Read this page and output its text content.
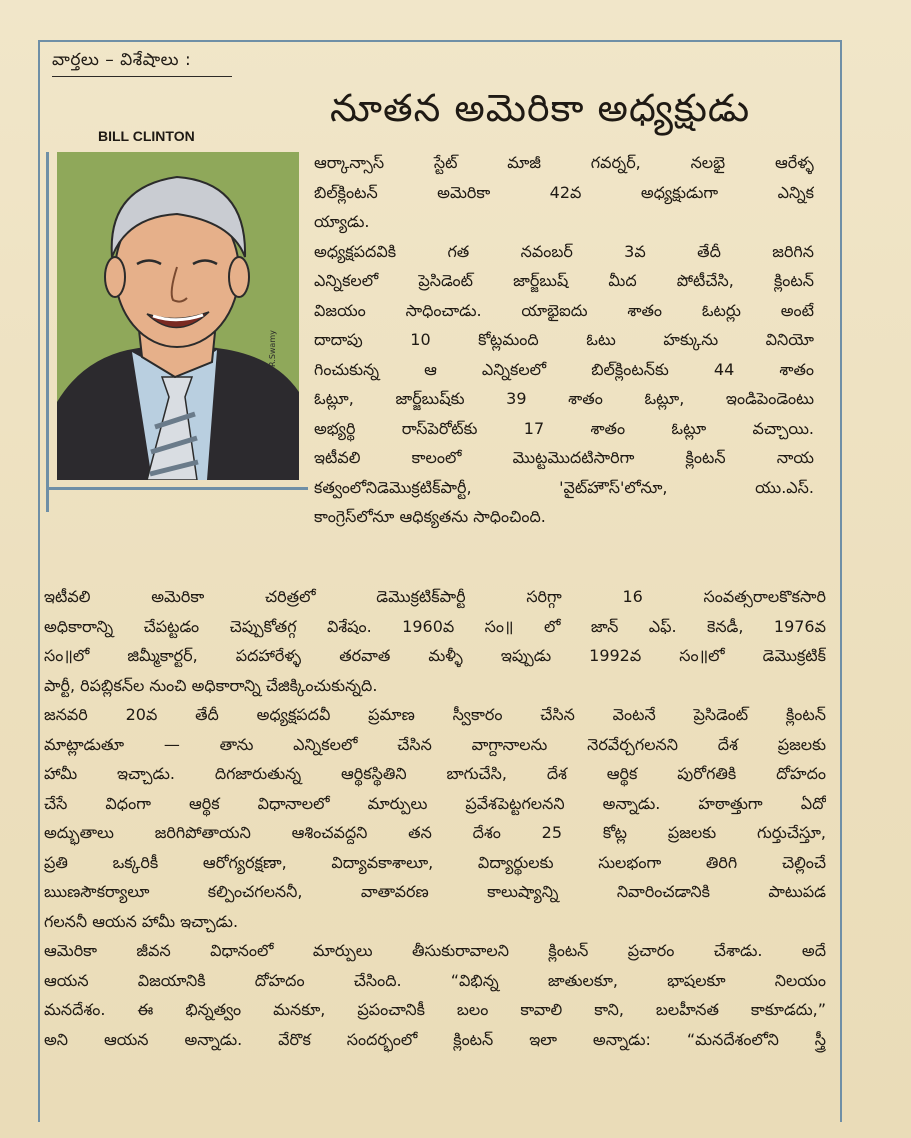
వార్తలు – విశేషాలు :
నూతన అమెరికా అధ్యక్షుడు
BILL CLINTON
R.Swamy

ఆర్కాన్సాస్ స్టేట్ మాజీ గవర్నర్, నలభై ఆరేళ్ళ

బిల్‌క్లింటన్ అమెరికా 42వ అధ్యక్షుడుగా ఎన్నిక

య్యాడు.

అధ్యక్షపదవికి గత నవంబర్ 3వ తేదీ జరిగిన

ఎన్నికలలో ప్రెసిడెంట్ జార్జ్‌బుష్ మీద పోటీచేసి, క్లింటన్

విజయం సాధించాడు. యాభైఐదు శాతం ఓటర్లు అంటే

దాదాపు 10 కోట్లమంది ఓటు హక్కును వినియో

గించుకున్న ఆ ఎన్నికలలో బిల్‌క్లింటన్‌కు 44 శాతం

ఓట్లూ, జార్జ్‌బుష్‌కు 39 శాతం ఓట్లూ, ఇండిపెండెంటు

అభ్యర్థి రాస్‌పెరోట్‌కు 17 శాతం ఓట్లూ వచ్చాయి.

ఇటీవలి కాలంలో మొట్టమొదటిసారిగా క్లింటన్ నాయ

కత్వంలోనిడెమొక్రటిక్‌పార్టీ, 'వైట్‌హౌస్'లోనూ, యు.ఎస్.

కాంగ్రెస్‌లోనూ ఆధిక్యతను సాధించింది.

ఇటీవలి అమెరికా చరిత్రలో డెమొక్రటిక్‌పార్టీ సరిగ్గా 16 సంవత్సరాలకొకసారి

అధికారాన్ని చేపట్టడం చెప్పుకోతగ్గ విశేషం. 1960వ సం॥ లో జాన్ ఎఫ్. కెనడీ, 1976వ

సం॥లో జిమ్మీకార్టర్, పదహారేళ్ళ తరవాత మళ్ళీ ఇప్పుడు 1992వ సం॥లో డెమొక్రటిక్

పార్టీ, రిపబ్లికన్‌ల నుంచి అధికారాన్ని చేజిక్కించుకున్నది.

జనవరి 20వ తేదీ అధ్యక్షపదవీ ప్రమాణ స్వీకారం చేసిన వెంటనే ప్రెసిడెంట్ క్లింటన్

మాట్లాడుతూ — తాను ఎన్నికలలో చేసిన వాగ్దానాలను నెరవేర్చగలనని దేశ ప్రజలకు

హామీ ఇచ్చాడు. దిగజారుతున్న ఆర్థికస్థితిని బాగుచేసి, దేశ ఆర్థిక పురోగతికి దోహదం

చేసే విధంగా ఆర్థిక విధానాలలో మార్పులు ప్రవేశపెట్టగలనని అన్నాడు. హఠాత్తుగా ఏదో

అద్భుతాలు జరిగిపోతాయని ఆశించవద్దని తన దేశం 25 కోట్ల ప్రజలకు గుర్తుచేస్తూ,

ప్రతి ఒక్కరికీ ఆరోగ్యరక్షణా, విద్యావకాశాలూ, విద్యార్థులకు సులభంగా తిరిగి చెల్లించే

ఋణసౌకర్యాలూ కల్పించగలననీ, వాతావరణ కాలుష్యాన్ని నివారించడానికి పాటుపడ

గలననీ ఆయన హామీ ఇచ్చాడు.

ఆమెరికా జీవన విధానంలో మార్పులు తీసుకురావాలని క్లింటన్ ప్రచారం చేశాడు. అదే

ఆయన విజయానికి దోహదం చేసింది. “విభిన్న జాతులకూ, భాషలకూ నిలయం

మనదేశం. ఈ భిన్నత్వం మనకూ, ప్రపంచానికీ బలం కావాలి కాని, బలహీనత కాకూడదు,”

అని ఆయన అన్నాడు. వేరొక సందర్భంలో క్లింటన్ ఇలా అన్నాడు: “మనదేశంలోని స్త్రీ
